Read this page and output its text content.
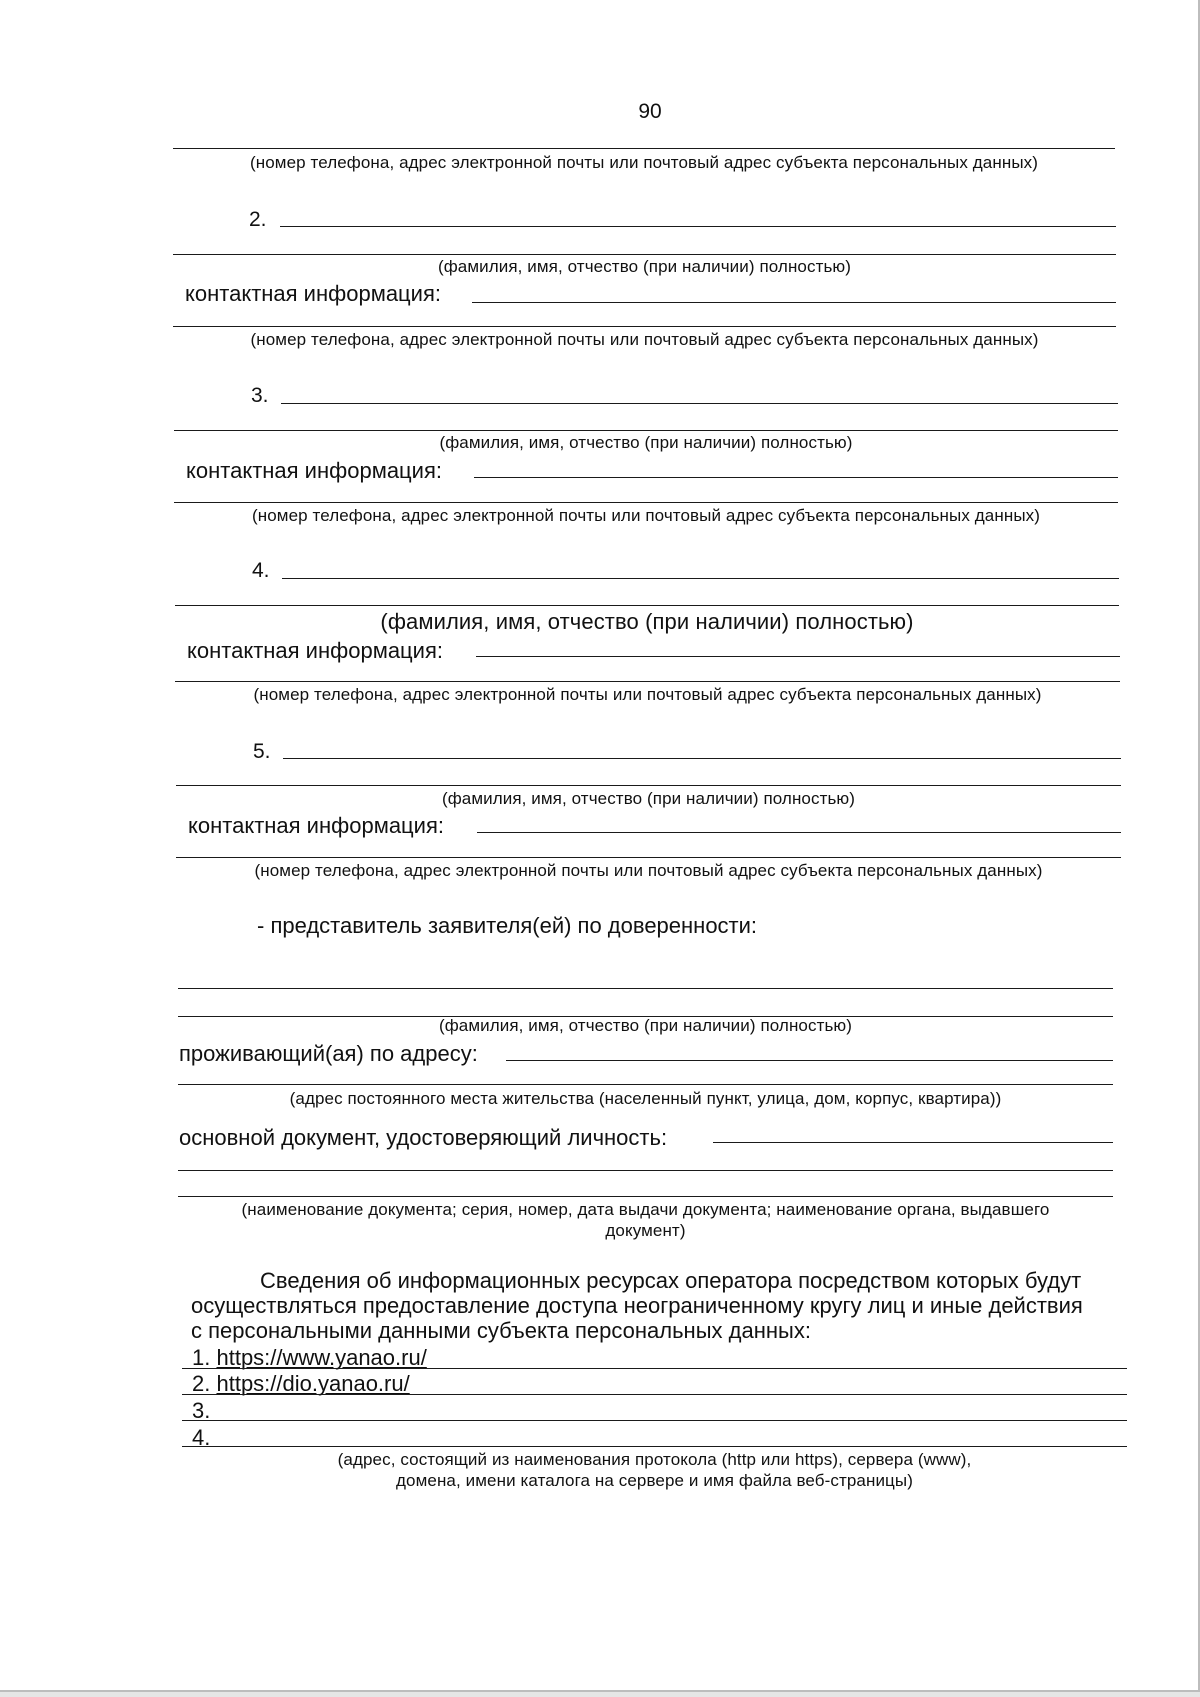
90
(номер телефона, адрес электронной почты или почтовый адрес субъекта персональных данных)
2.
(фамилия, имя, отчество (при наличии) полностью)
контактная информация:
(номер телефона, адрес электронной почты или почтовый адрес субъекта персональных данных)
3.
(фамилия, имя, отчество (при наличии) полностью)
контактная информация:
(номер телефона, адрес электронной почты или почтовый адрес субъекта персональных данных)
4.
(фамилия, имя, отчество (при наличии) полностью)
контактная информация:
(номер телефона, адрес электронной почты или почтовый адрес субъекта персональных данных)
5.
(фамилия, имя, отчество (при наличии) полностью)
контактная информация:
(номер телефона, адрес электронной почты или почтовый адрес субъекта персональных данных)
- представитель заявителя(ей) по доверенности:
(фамилия, имя, отчество (при наличии) полностью)
проживающий(ая) по адресу:
(адрес постоянного места жительства (населенный пункт, улица, дом, корпус, квартира))
основной документ, удостоверяющий личность:
(наименование документа; серия, номер, дата выдачи документа; наименование органа, выдавшего
документ)
Сведения об информационных ресурсах оператора посредством которых будут
осуществляться предоставление доступа неограниченному кругу лиц и иные действия
с персональными данными субъекта персональных данных:
1. https://www.yanao.ru/
2. https://dio.yanao.ru/
3.
4.
(адрес, состоящий из наименования протокола (http или https), сервера (www),
домена, имени каталога на сервере и имя файла веб-страницы)
